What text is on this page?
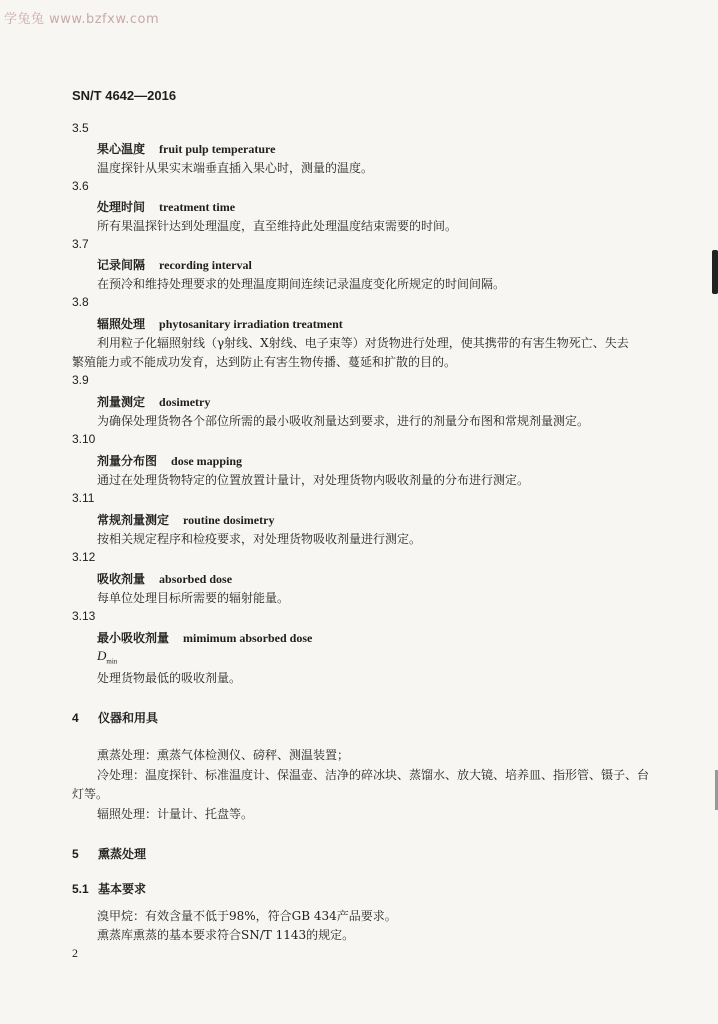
学兔兔 www.bzfxw.com
SN/T 4642—2016
3.5
果心温度 fruit pulp temperature
温度探针从果实末端垂直插入果心时，测量的温度。
3.6
处理时间 treatment time
所有果温探针达到处理温度，直至维持此处理温度结束需要的时间。
3.7
记录间隔 recording interval
在预冷和维持处理要求的处理温度期间连续记录温度变化所规定的时间间隔。
3.8
辐照处理 phytosanitary irradiation treatment
利用粒子化辐照射线（γ射线、X射线、电子束等）对货物进行处理，使其携带的有害生物死亡、失去
繁殖能力或不能成功发育，达到防止有害生物传播、蔓延和扩散的目的。
3.9
剂量测定 dosimetry
为确保处理货物各个部位所需的最小吸收剂量达到要求，进行的剂量分布图和常规剂量测定。
3.10
剂量分布图 dose mapping
通过在处理货物特定的位置放置计量计，对处理货物内吸收剂量的分布进行测定。
3.11
常规剂量测定 routine dosimetry
按相关规定程序和检疫要求，对处理货物吸收剂量进行测定。
3.12
吸收剂量 absorbed dose
每单位处理目标所需要的辐射能量。
3.13
最小吸收剂量 mimimum absorbed dose
$D_{min}$
处理货物最低的吸收剂量。
4 仪器和用具
熏蒸处理：熏蒸气体检测仪、磅秤、测温装置；
冷处理：温度探针、标准温度计、保温壶、洁净的碎冰块、蒸馏水、放大镜、培养皿、指形管、镊子、台
灯等。
辐照处理：计量计、托盘等。
5 熏蒸处理
5.1 基本要求
溴甲烷：有效含量不低于98%，符合GB 434产品要求。
熏蒸库熏蒸的基本要求符合SN/T 1143的规定。
2
